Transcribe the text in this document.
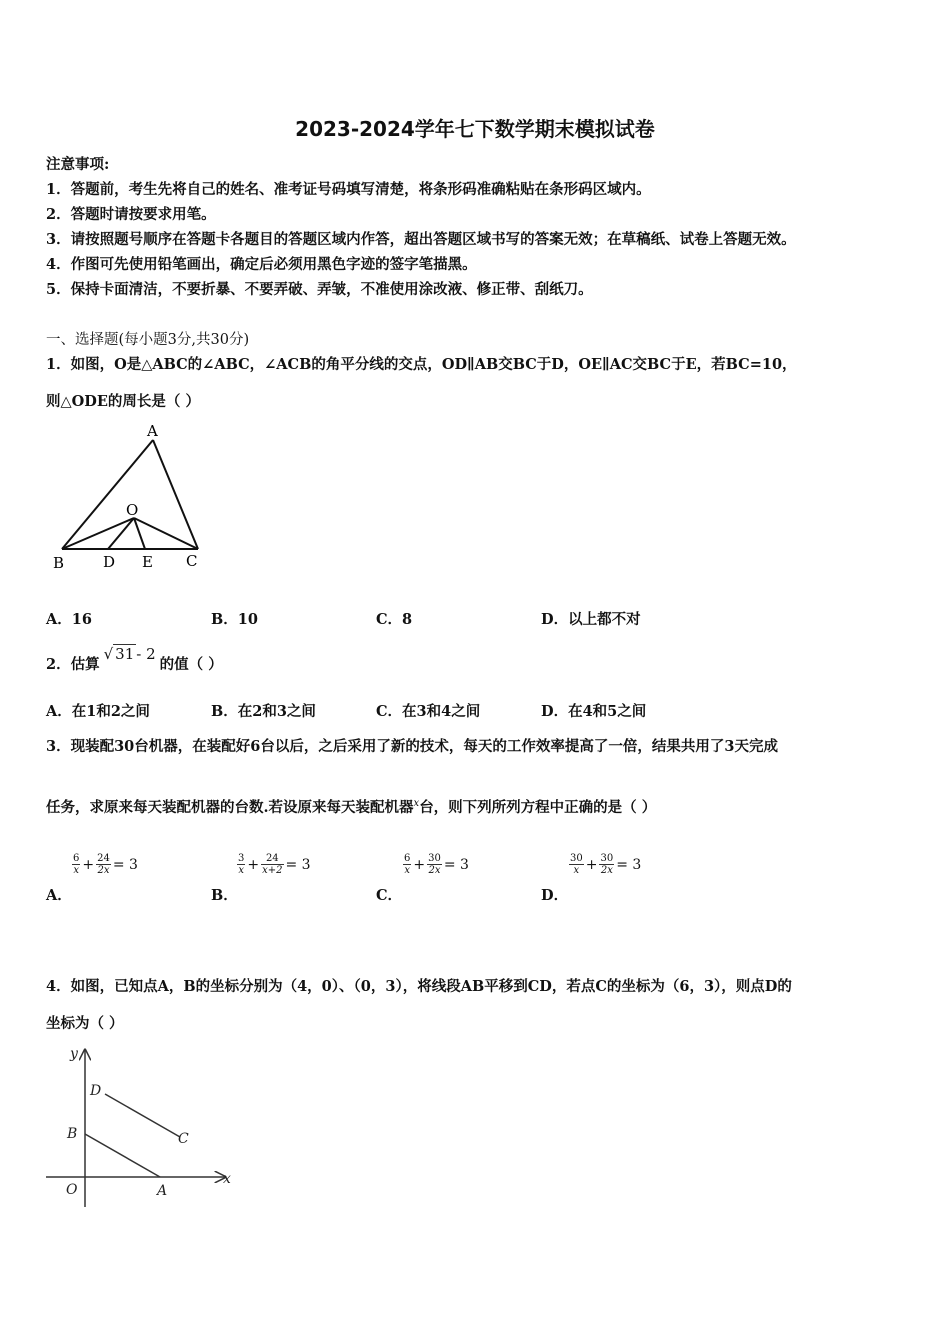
2023-2024学年七下数学期末模拟试卷
注意事项:
1．答题前，考生先将自己的姓名、准考证号码填写清楚，将条形码准确粘贴在条形码区域内。
2．答题时请按要求用笔。
3．请按照题号顺序在答题卡各题目的答题区域内作答，超出答题区域书写的答案无效；在草稿纸、试卷上答题无效。
4．作图可先使用铅笔画出，确定后必须用黑色字迹的签字笔描黑。
5．保持卡面清洁，不要折暴、不要弄破、弄皱，不准使用涂改液、修正带、刮纸刀。
一、选择题(每小题3分,共30分)
1．如图，O是△ABC的∠ABC，∠ACB的角平分线的交点，OD∥AB交BC于D，OE∥AC交BC于E，若BC=10，
则△ODE的周长是（ ）
A
O
B	D E C
A．16	B．10	C．8	D．以上都不对
2．估算
√ 31 - 2
的值（ ）
A．在1和2之间	B．在2和3之间	C．在3和4之间	D．在4和5之间
3．现装配30台机器，在装配好6台以后，之后采用了新的技术，每天的工作效率提高了一倍，结果共用了3天完成
任务，求原来每天装配机器的台数.若设原来每天装配机器$^x$台，则下列所列方程中正确的是（ ）
A．
$\frac{6}{x} + \frac{24}{2x} = 3$
B．
$\frac{3}{x} + \frac{24}{x+2} = 3$
C．
$\frac{6}{x} + \frac{30}{2x} = 3$
D．
$\frac{30}{x} + \frac{30}{2x} = 3$
4．如图，已知点A，B的坐标分别为（4，0）、（0，3），将线段AB平移到CD，若点C的坐标为（6，3），则点D的
坐标为（ ）
y
x
O	A
B	C
D
